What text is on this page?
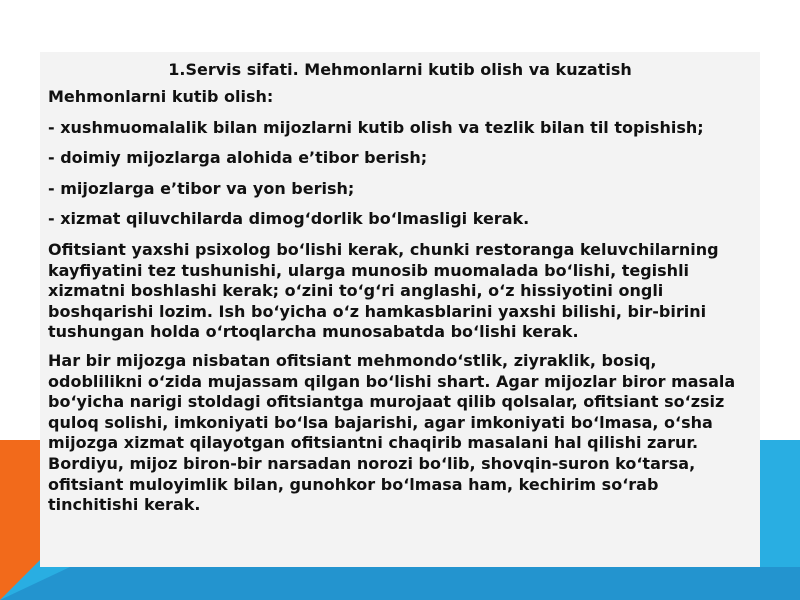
1.Servis sifati. Mehmonlarni kutib olish va kuzatish
Mehmonlarni kutib olish:
- xushmuomalalik bilan mijozlarni kutib olish va tezlik bilan til topishish;
- doimiy mijozlarga alohida e’tibor berish;
- mijozlarga e’tibor va yon berish;
- xizmat qiluvchilarda dimog‘dorlik bo‘lmasligi kerak.
Ofitsiant yaxshi psixolog bo‘lishi kerak, chunki restoranga keluvchilarning kayfiyatini tez tushunishi, ularga munosib muomalada bo‘lishi, tegishli xizmatni boshlashi kerak; o‘zini to‘g‘ri anglashi, o‘z hissiyotini ongli boshqarishi lozim. Ish bo‘yicha o‘z hamkasblarini yaxshi bilishi, bir-birini tushungan holda o‘rtoqlarcha munosabatda bo‘lishi kerak.
Har bir mijozga nisbatan ofitsiant mehmondo‘stlik, ziyraklik, bosiq, odoblilikni o‘zida mujassam qilgan bo‘lishi shart. Agar mijozlar biror masala bo‘yicha narigi stoldagi ofitsiantga murojaat qilib qolsalar, ofitsiant so‘zsiz quloq solishi, imkoniyati bo‘lsa bajarishi, agar imkoniyati bo‘lmasa, o‘sha mijozga xizmat qilayotgan ofitsiantni chaqirib masalani hal qilishi zarur. Bordiyu, mijoz biron-bir narsadan norozi bo‘lib, shovqin-suron ko‘tarsa, ofitsiant muloyimlik bilan, gunohkor bo‘lmasa ham, kechirim so‘rab tinchitishi kerak.
